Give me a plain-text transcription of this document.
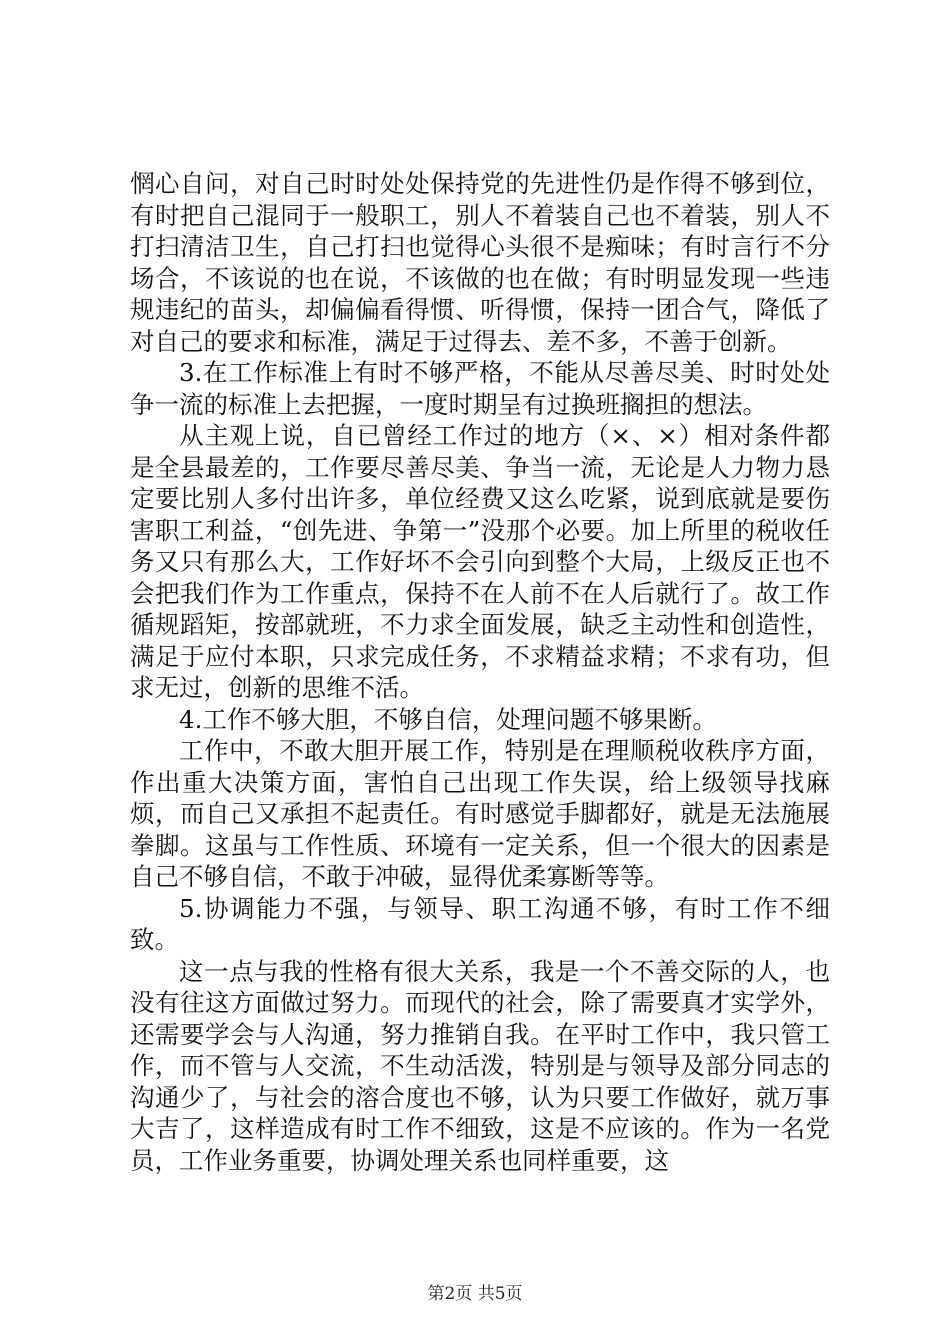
惘心自问，对自己时时处处保持党的先进性仍是作得不够到位，有时把自己混同于一般职工，别人不着装自己也不着装，别人不打扫清洁卫生，自己打扫也觉得心头很不是痴味；有时言行不分场合，不该说的也在说，不该做的也在做；有时明显发现一些违规违纪的苗头，却偏偏看得惯、听得惯，保持一团合气，降低了对自己的要求和标准，满足于过得去、差不多，不善于创新。

3.在工作标准上有时不够严格，不能从尽善尽美、时时处处争一流的标准上去把握，一度时期呈有过换班搁担的想法。

从主观上说，自已曾经工作过的地方（×、×）相对条件都是全县最差的，工作要尽善尽美、争当一流，无论是人力物力恳定要比别人多付出许多，单位经费又这么吃紧，说到底就是要伤害职工利益，“创先进、争第一”没那个必要。加上所里的税收任务又只有那么大，工作好坏不会引向到整个大局，上级反正也不会把我们作为工作重点，保持不在人前不在人后就行了。故工作循规蹈矩，按部就班，不力求全面发展，缺乏主动性和创造性，满足于应付本职，只求完成任务，不求精益求精；不求有功，但求无过，创新的思维不活。

4.工作不够大胆，不够自信，处理问题不够果断。

工作中，不敢大胆开展工作，特别是在理顺税收秩序方面，作出重大决策方面，害怕自己出现工作失误，给上级领导找麻烦，而自己又承担不起责任。有时感觉手脚都好，就是无法施展拳脚。这虽与工作性质、环境有一定关系，但一个很大的因素是自己不够自信，不敢于冲破，显得优柔寡断等等。

5.协调能力不强，与领导、职工沟通不够，有时工作不细致。

这一点与我的性格有很大关系，我是一个不善交际的人，也没有往这方面做过努力。而现代的社会，除了需要真才实学外，还需要学会与人沟通，努力推销自我。在平时工作中，我只管工作，而不管与人交流，不生动活泼，特别是与领导及部分同志的沟通少了，与社会的溶合度也不够，认为只要工作做好，就万事大吉了，这样造成有时工作不细致，这是不应该的。作为一名党员，工作业务重要，协调处理关系也同样重要，这

第2页 共5页
